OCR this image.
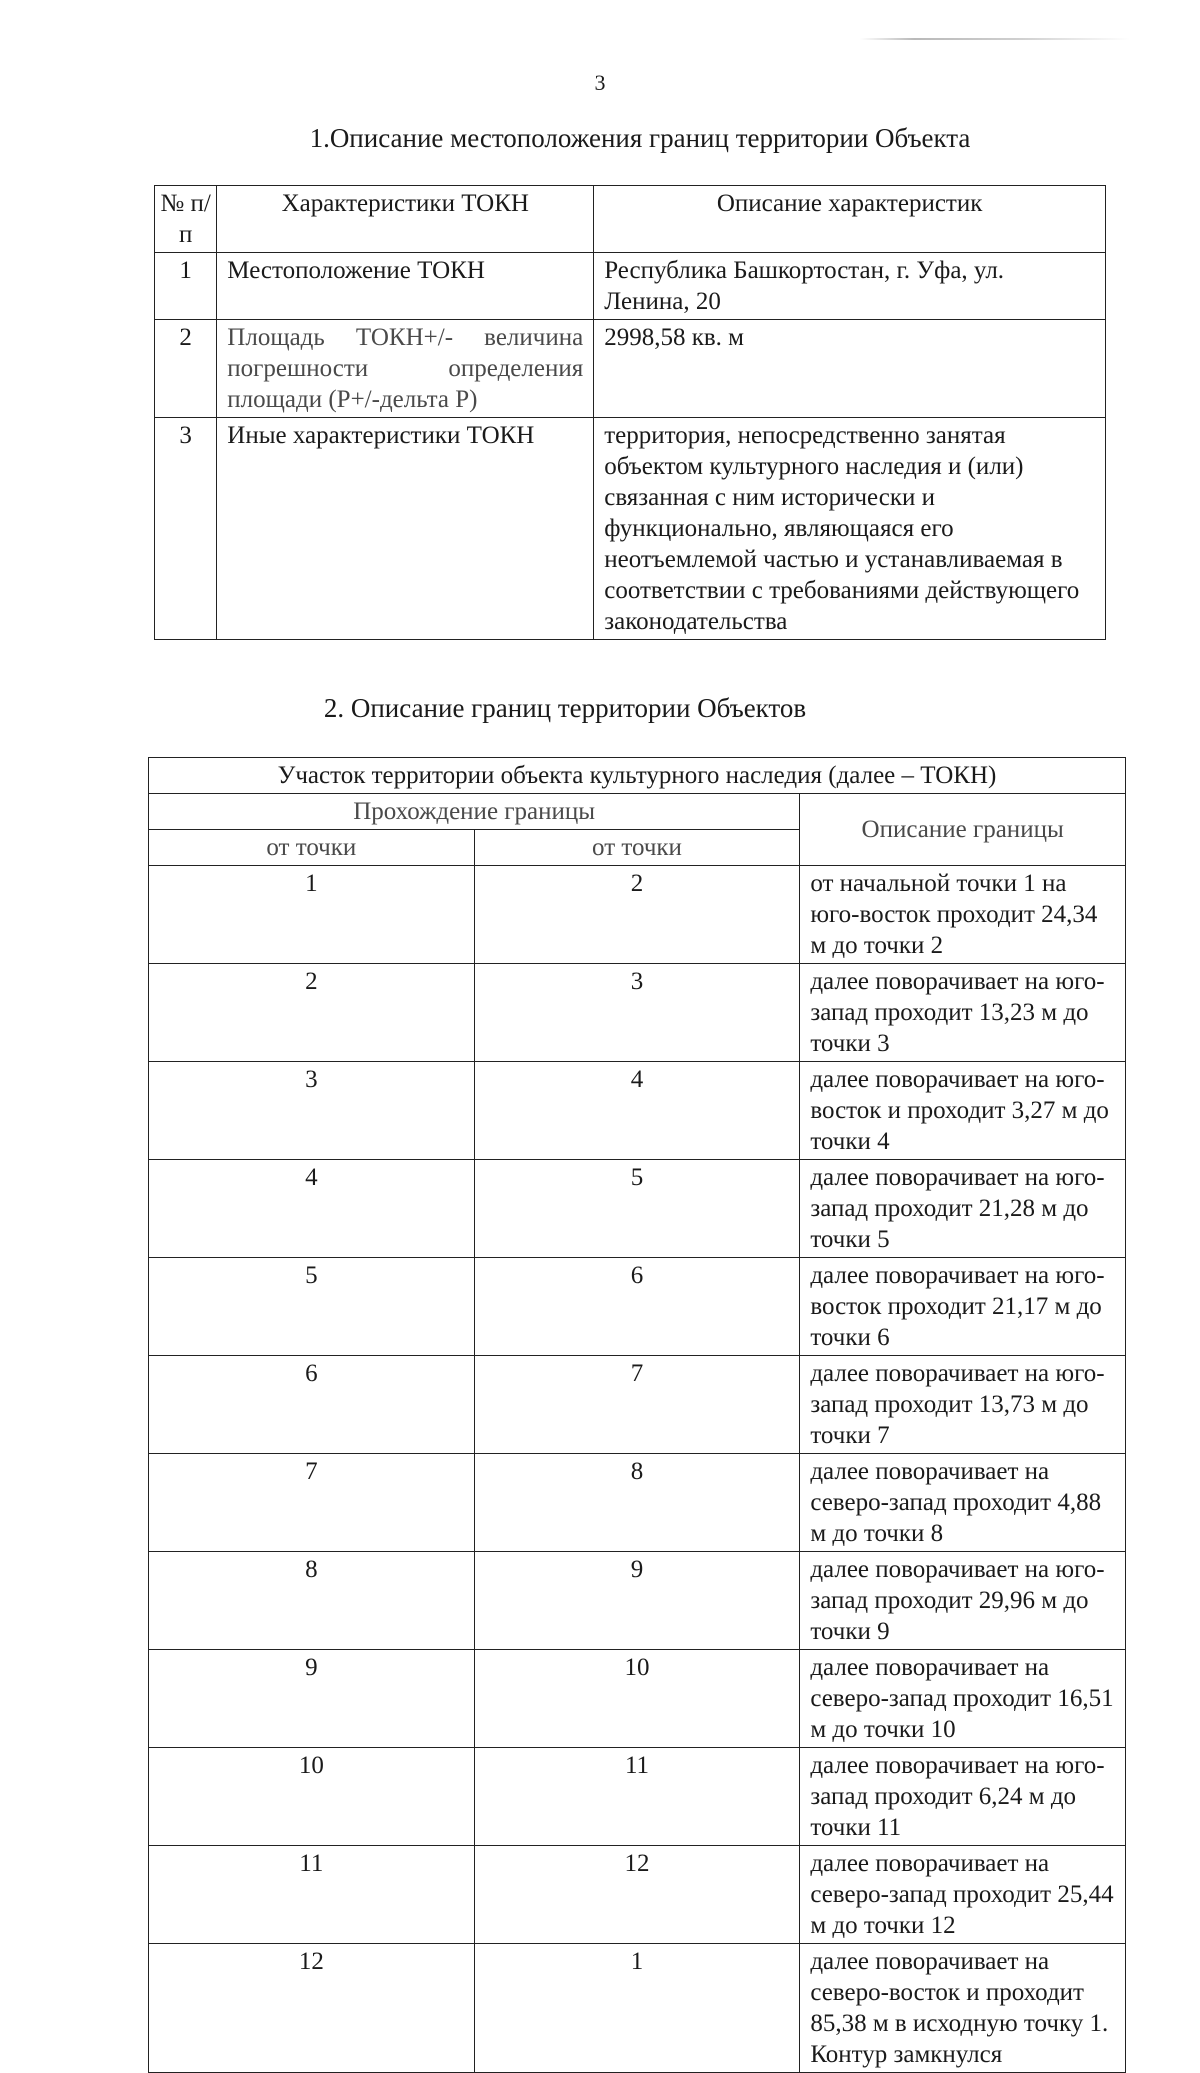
3
1.Описание местоположения границ территории Объекта
№ п/п	Характеристики ТОКН	Описание характеристик
1	Местоположение ТОКН	Республика Башкортостан, г. Уфа, ул. Ленина, 20
2	Площадь ТОКН+/- величина погрешности определения площади (Р+/-дельта Р)	2998,58 кв. м
3	Иные характеристики ТОКН	территория, непосредственно занятая объектом культурного наследия и (или) связанная с ним исторически и функционально, являющаяся его неотъемлемой частью и устанавливаемая в соответствии с требованиями действующего законодательства
2. Описание границ территории Объектов
Участок территории объекта культурного наследия (далее – ТОКН)		
Прохождение границы		Описание границы
от точки	от точки	
1	2	от начальной точки 1 на юго-восток проходит 24,34 м до точки 2
2	3	далее поворачивает на юго-запад проходит 13,23 м до точки 3
3	4	далее поворачивает на юго-восток и проходит 3,27 м до точки 4
4	5	далее поворачивает на юго-запад проходит 21,28 м до точки 5
5	6	далее поворачивает на юго-восток проходит 21,17 м до точки 6
6	7	далее поворачивает на юго-запад проходит 13,73 м до точки 7
7	8	далее поворачивает на северо-запад проходит 4,88 м до точки 8
8	9	далее поворачивает на юго-запад проходит 29,96 м до точки 9
9	10	далее поворачивает на северо-запад проходит 16,51 м до точки 10
10	11	далее поворачивает на юго-запад проходит 6,24 м до точки 11
11	12	далее поворачивает на северо-запад проходит 25,44 м до точки 12
12	1	далее поворачивает на северо-восток и проходит 85,38 м в исходную точку 1. Контур замкнулся
